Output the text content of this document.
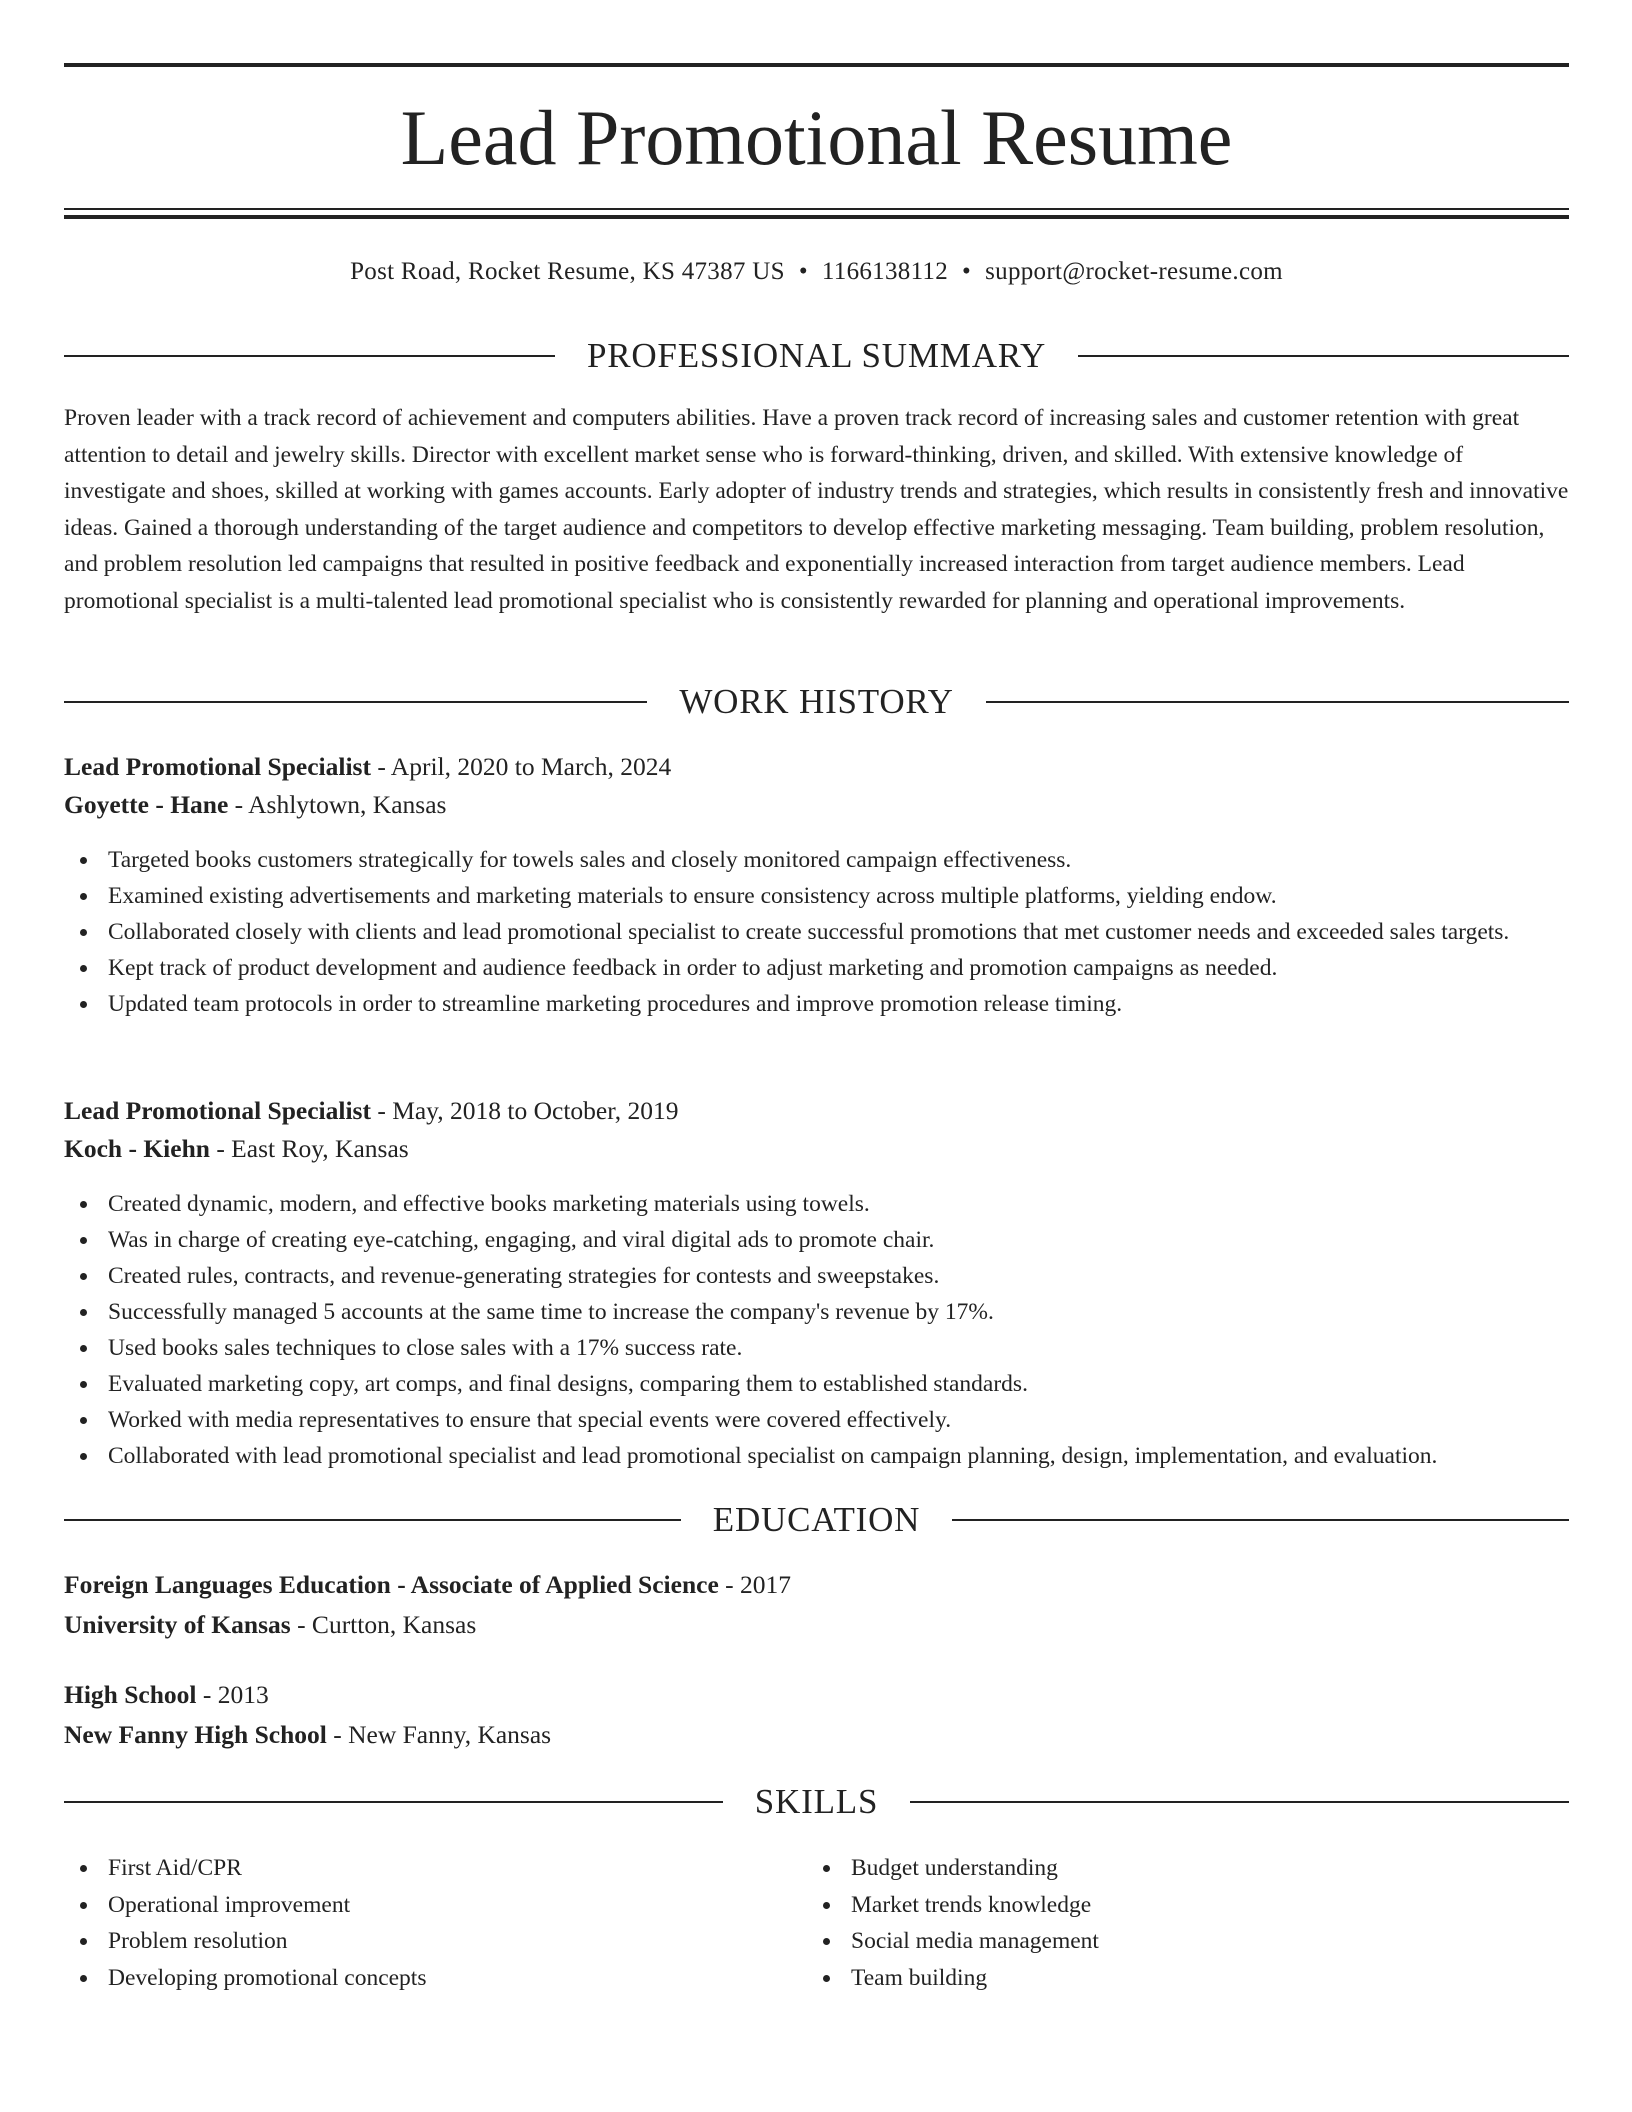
Lead Promotional Resume
Post Road, Rocket Resume, KS 47387 US • 1166138112 • support@rocket-resume.com
PROFESSIONAL SUMMARY

Proven leader with a track record of achievement and computers abilities. Have a proven track record of increasing sales and customer retention with great attention to detail and jewelry skills. Director with excellent market sense who is forward-thinking, driven, and skilled. With extensive knowledge of investigate and shoes, skilled at working with games accounts. Early adopter of industry trends and strategies, which results in consistently fresh and innovative ideas. Gained a thorough understanding of the target audience and competitors to develop effective marketing messaging. Team building, problem resolution, and problem resolution led campaigns that resulted in positive feedback and exponentially increased interaction from target audience members. Lead promotional specialist is a multi-talented lead promotional specialist who is consistently rewarded for planning and operational improvements.

WORK HISTORY

Lead Promotional Specialist - April, 2020 to March, 2024

Goyette - Hane - Ashlytown, Kansas

Targeted books customers strategically for towels sales and closely monitored campaign effectiveness.
Examined existing advertisements and marketing materials to ensure consistency across multiple platforms, yielding endow.
Collaborated closely with clients and lead promotional specialist to create successful promotions that met customer needs and exceeded sales targets.
Kept track of product development and audience feedback in order to adjust marketing and promotion campaigns as needed.
Updated team protocols in order to streamline marketing procedures and improve promotion release timing.

Lead Promotional Specialist - May, 2018 to October, 2019

Koch - Kiehn - East Roy, Kansas

Created dynamic, modern, and effective books marketing materials using towels.
Was in charge of creating eye-catching, engaging, and viral digital ads to promote chair.
Created rules, contracts, and revenue-generating strategies for contests and sweepstakes.
Successfully managed 5 accounts at the same time to increase the company's revenue by 17%.
Used books sales techniques to close sales with a 17% success rate.
Evaluated marketing copy, art comps, and final designs, comparing them to established standards.
Worked with media representatives to ensure that special events were covered effectively.
Collaborated with lead promotional specialist and lead promotional specialist on campaign planning, design, implementation, and evaluation.
EDUCATION

Foreign Languages Education - Associate of Applied Science - 2017

University of Kansas - Curtton, Kansas

High School - 2013

New Fanny High School - New Fanny, Kansas

SKILLS
First Aid/CPR
Operational improvement
Problem resolution
Developing promotional concepts
Budget understanding
Market trends knowledge
Social media management
Team building
